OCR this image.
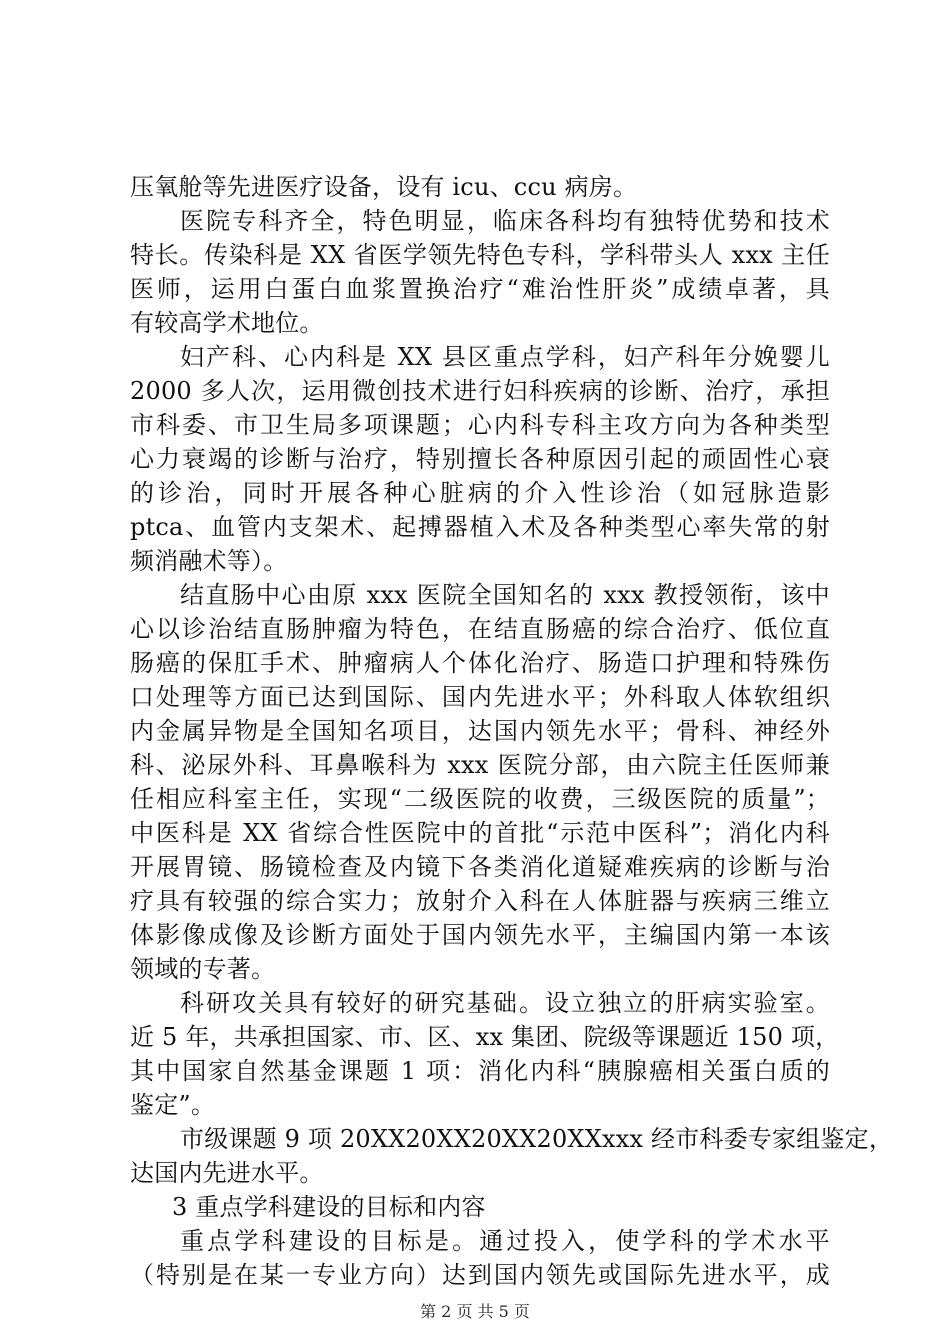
压氧舱等先进医疗设备，设有 icu、ccu 病房。
医院专科齐全，特色明显，临床各科均有独特优势和技术
特长。传染科是 XX 省医学领先特色专科，学科带头人 xxx 主任
医师，运用白蛋白血浆置换治疗“难治性肝炎”成绩卓著，具
有较高学术地位。
妇产科、心内科是 XX 县区重点学科，妇产科年分娩婴儿
2000 多人次，运用微创技术进行妇科疾病的诊断、治疗，承担
市科委、市卫生局多项课题；心内科专科主攻方向为各种类型
心力衰竭的诊断与治疗，特别擅长各种原因引起的顽固性心衰
的诊治，同时开展各种心脏病的介入性诊治（如冠脉造影
ptca、血管内支架术、起搏器植入术及各种类型心率失常的射
频消融术等）。
结直肠中心由原 xxx 医院全国知名的 xxx 教授领衔，该中
心以诊治结直肠肿瘤为特色，在结直肠癌的综合治疗、低位直
肠癌的保肛手术、肿瘤病人个体化治疗、肠造口护理和特殊伤
口处理等方面已达到国际、国内先进水平；外科取人体软组织
内金属异物是全国知名项目，达国内领先水平；骨科、神经外
科、泌尿外科、耳鼻喉科为 xxx 医院分部，由六院主任医师兼
任相应科室主任，实现“二级医院的收费，三级医院的质量”；
中医科是 XX 省综合性医院中的首批“示范中医科”；消化内科
开展胃镜、肠镜检查及内镜下各类消化道疑难疾病的诊断与治
疗具有较强的综合实力；放射介入科在人体脏器与疾病三维立
体影像成像及诊断方面处于国内领先水平，主编国内第一本该
领域的专著。
科研攻关具有较好的研究基础。设立独立的肝病实验室。
近 5 年，共承担国家、市、区、xx 集团、院级等课题近 150 项，
其中国家自然基金课题 1 项：消化内科“胰腺癌相关蛋白质的
鉴定”。
市级课题 9 项 20XX20XX20XX20XXxxx 经市科委专家组鉴定，
达国内先进水平。
3 重点学科建设的目标和内容
重点学科建设的目标是。通过投入，使学科的学术水平
（特别是在某一专业方向）达到国内领先或国际先进水平，成
第 2 页 共 5 页
